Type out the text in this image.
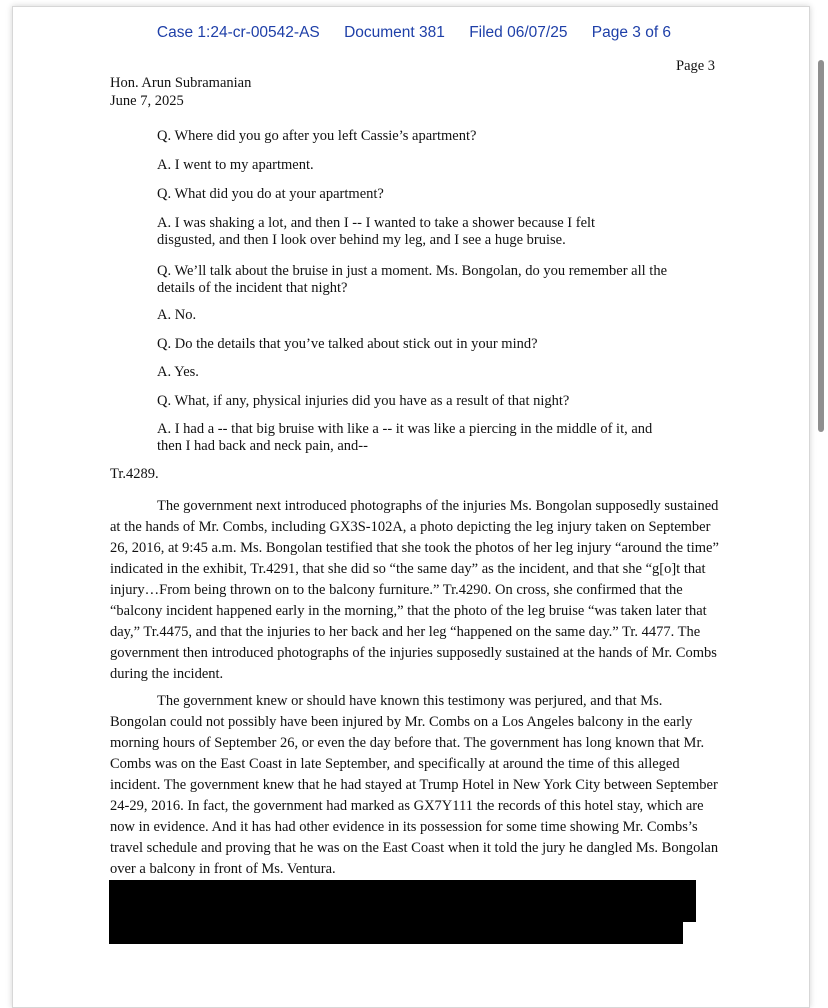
Case 1:24-cr-00542-AS Document 381 Filed 06/07/25 Page 3 of 6
Page 3
Hon. Arun Subramanian
June 7, 2025
Q. Where did you go after you left Cassie’s apartment?
A. I went to my apartment.
Q. What did you do at your apartment?
A. I was shaking a lot, and then I -- I wanted to take a shower because I felt disgusted, and then I look over behind my leg, and I see a huge bruise.
Q. We’ll talk about the bruise in just a moment. Ms. Bongolan, do you remember all the details of the incident that night?
A. No.
Q. Do the details that you’ve talked about stick out in your mind?
A. Yes.
Q. What, if any, physical injuries did you have as a result of that night?
A. I had a -- that big bruise with like a -- it was like a piercing in the middle of it, and then I had back and neck pain, and--
Tr.4289.
The government next introduced photographs of the injuries Ms. Bongolan supposedly sustained at the hands of Mr. Combs, including GX3S-102A, a photo depicting the leg injury taken on September 26, 2016, at 9:45 a.m. Ms. Bongolan testified that she took the photos of her leg injury “around the time” indicated in the exhibit, Tr.4291, that she did so “the same day” as the incident, and that she “g[o]t that injury…From being thrown on to the balcony furniture.” Tr.4290. On cross, she confirmed that the “balcony incident happened early in the morning,” that the photo of the leg bruise “was taken later that day,” Tr.4475, and that the injuries to her back and her leg “happened on the same day.” Tr. 4477. The government then introduced photographs of the injuries supposedly sustained at the hands of Mr. Combs during the incident.
The government knew or should have known this testimony was perjured, and that Ms. Bongolan could not possibly have been injured by Mr. Combs on a Los Angeles balcony in the early morning hours of September 26, or even the day before that. The government has long known that Mr. Combs was on the East Coast in late September, and specifically at around the time of this alleged incident. The government knew that he had stayed at Trump Hotel in New York City between September 24-29, 2016. In fact, the government had marked as GX7Y111 the records of this hotel stay, which are now in evidence. And it has had other evidence in its possession for some time showing Mr. Combs’s travel schedule and proving that he was on the East Coast when it told the jury he dangled Ms. Bongolan over a balcony in front of Ms. Ventura.
